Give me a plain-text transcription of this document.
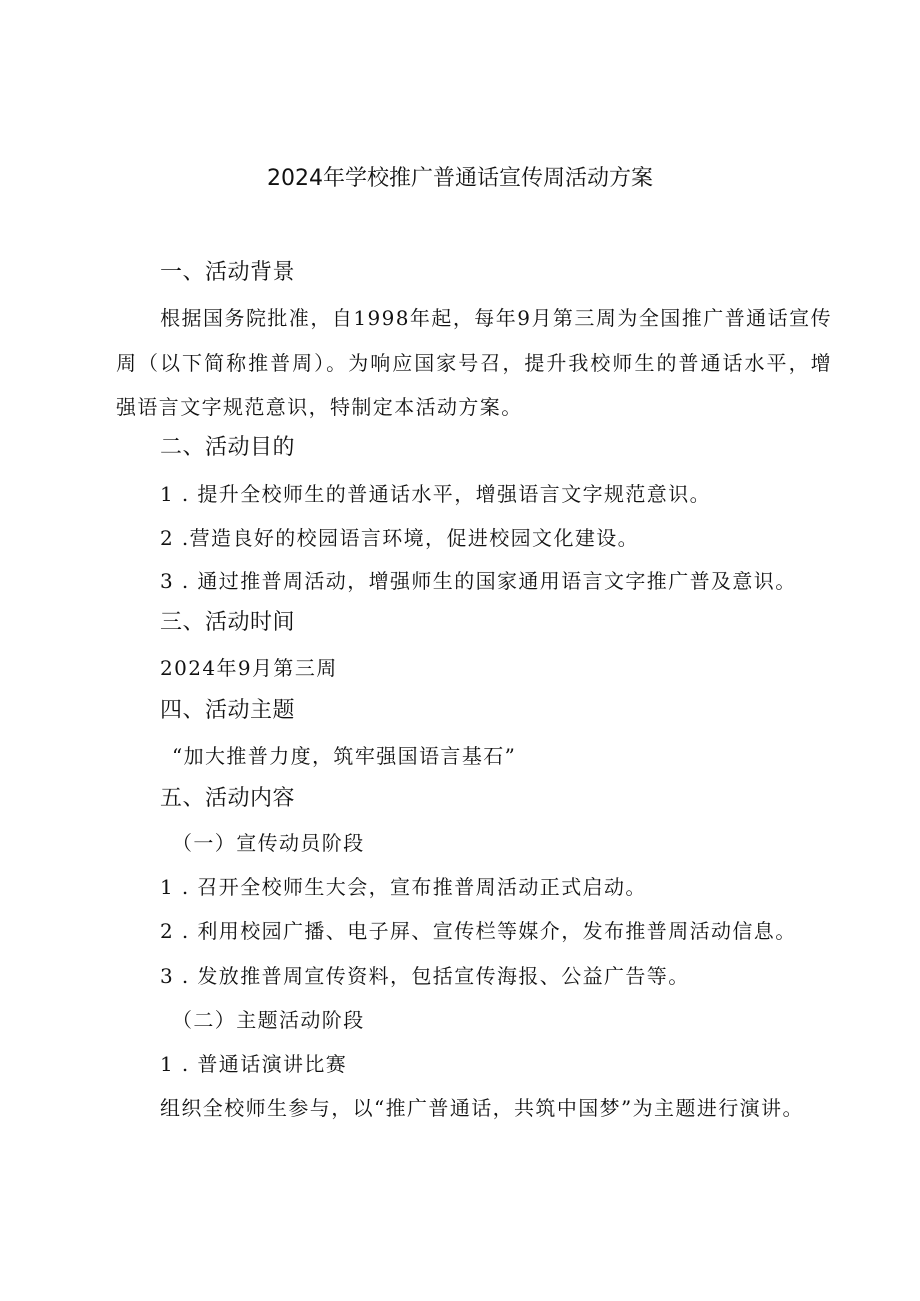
2024年学校推广普通话宣传周活动方案
一、活动背景
根据国务院批准，自1998年起，每年9月第三周为全国推广普通话宣传周（以下简称推普周）。为响应国家号召，提升我校师生的普通话水平，增强语言文字规范意识，特制定本活动方案。
二、活动目的
1 . 提升全校师生的普通话水平，增强语言文字规范意识。
2 .营造良好的校园语言环境，促进校园文化建设。
3 . 通过推普周活动，增强师生的国家通用语言文字推广普及意识。
三、活动时间
2024年9月第三周
四、活动主题
“加大推普力度，筑牢强国语言基石”
五、活动内容
（一）宣传动员阶段
1 . 召开全校师生大会，宣布推普周活动正式启动。
2 . 利用校园广播、电子屏、宣传栏等媒介，发布推普周活动信息。
3 . 发放推普周宣传资料，包括宣传海报、公益广告等。
（二）主题活动阶段
1 . 普通话演讲比赛
组织全校师生参与，以“推广普通话，共筑中国梦”为主题进行演讲。
